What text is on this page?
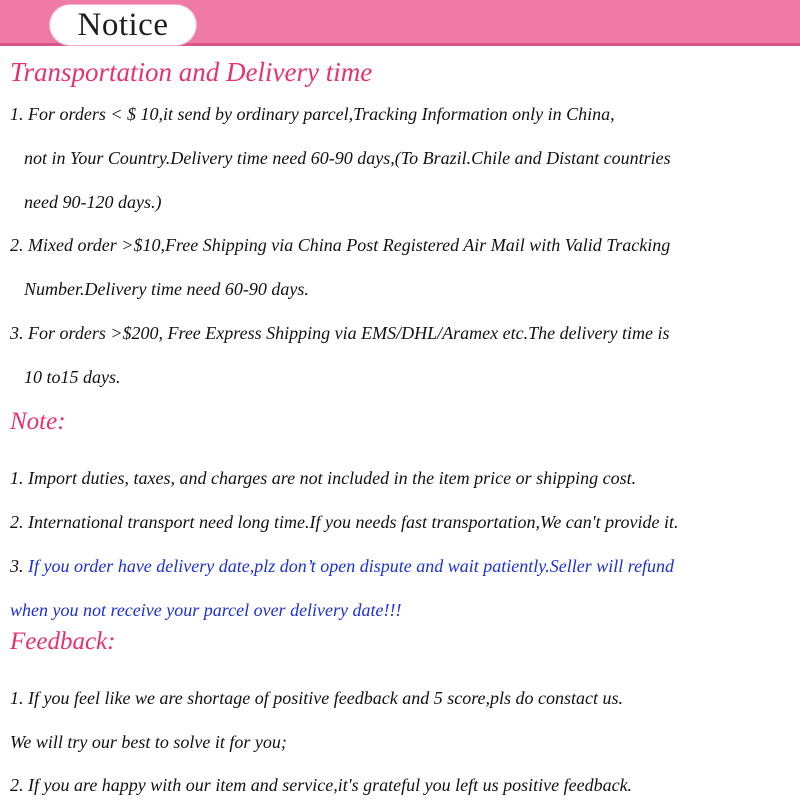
Notice
Transportation and Delivery time
1. For orders < $ 10,it send by ordinary parcel,Tracking Information only in China,
not in Your Country.Delivery time need 60-90 days,(To Brazil.Chile and Distant countries
need 90-120 days.)
2. Mixed order >$10,Free Shipping via China Post Registered Air Mail with Valid Tracking
Number.Delivery time need 60-90 days.
3. For orders >$200, Free Express Shipping via EMS/DHL/Aramex etc.The delivery time is
10 to15 days.
Note:
1. Import duties, taxes, and charges are not included in the item price or shipping cost.
2. International transport need long time.If you needs fast transportation,We can't provide it.
3. If you order have delivery date,plz don’t open dispute and wait patiently.Seller will refund
when you not receive your parcel over delivery date!!!
Feedback:
1. If you feel like we are shortage of positive feedback and 5 score,pls do constact us.
We will try our best to solve it for you;
2. If you are happy with our item and service,it's grateful you left us positive feedback.
